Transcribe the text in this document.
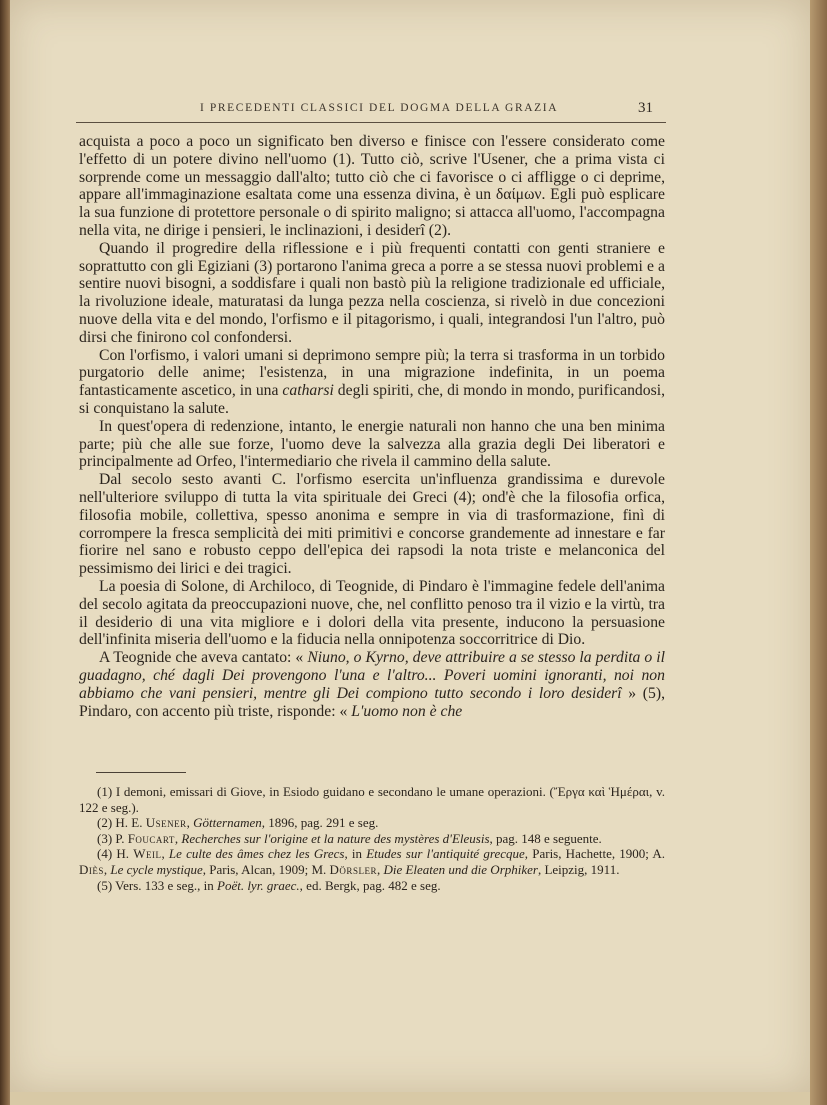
I PRECEDENTI CLASSICI DEL DOGMA DELLA GRAZIA	31

acquista a poco a poco un significato ben diverso e finisce con l'essere considerato come l'effetto di un potere divino nell'uomo (1). Tutto ciò, scrive l'Usener, che a prima vista ci sorprende come un messaggio dall'alto; tutto ciò che ci favorisce o ci affligge o ci deprime, appare all'immaginazione esaltata come una essenza divina, è un δαίμων. Egli può esplicare la sua funzione di protettore personale o di spirito maligno; si attacca all'uomo, l'accompagna nella vita, ne dirige i pensieri, le inclinazioni, i desiderî (2).

Quando il progredire della riflessione e i più frequenti contatti con genti straniere e soprattutto con gli Egiziani (3) portarono l'anima greca a porre a se stessa nuovi problemi e a sentire nuovi bisogni, a soddisfare i quali non bastò più la religione tradizionale ed ufficiale, la rivoluzione ideale, maturatasi da lunga pezza nella coscienza, si rivelò in due concezioni nuove della vita e del mondo, l'orfismo e il pitagorismo, i quali, integrandosi l'un l'altro, può dirsi che finirono col confondersi.

Con l'orfismo, i valori umani si deprimono sempre più; la terra si trasforma in un torbido purgatorio delle anime; l'esistenza, in una migrazione indefinita, in un poema fantasticamente ascetico, in una catharsi degli spiriti, che, di mondo in mondo, purificandosi, si conquistano la salute.

In quest'opera di redenzione, intanto, le energie naturali non hanno che una ben minima parte; più che alle sue forze, l'uomo deve la salvezza alla grazia degli Dei liberatori e principalmente ad Orfeo, l'intermediario che rivela il cammino della salute.

Dal secolo sesto avanti C. l'orfismo esercita un'influenza grandissima e durevole nell'ulteriore sviluppo di tutta la vita spirituale dei Greci (4); ond'è che la filosofia orfica, filosofia mobile, collettiva, spesso anonima e sempre in via di trasformazione, finì di corrompere la fresca semplicità dei miti primitivi e concorse grandemente ad innestare e far fiorire nel sano e robusto ceppo dell'epica dei rapsodi la nota triste e melanconica del pessimismo dei lirici e dei tragici.

La poesia di Solone, di Archiloco, di Teognide, di Pindaro è l'immagine fedele dell'anima del secolo agitata da preoccupazioni nuove, che, nel conflitto penoso tra il vizio e la virtù, tra il desiderio di una vita migliore e i dolori della vita presente, inducono la persuasione dell'infinita miseria dell'uomo e la fiducia nella onnipotenza soccorritrice di Dio.

A Teognide che aveva cantato: « Niuno, o Kyrno, deve attribuire a se stesso la perdita o il guadagno, ché dagli Dei provengono l'una e l'altro... Poveri uomini ignoranti, noi non abbiamo che vani pensieri, mentre gli Dei compiono tutto secondo i loro desiderî » (5), Pindaro, con accento più triste, risponde: « L'uomo non è che

(1) I demoni, emissari di Giove, in Esiodo guidano e secondano le umane operazioni. (Ἔργα καὶ Ἡμέραι, v. 122 e seg.).

(2) H. E. Usener, Götternamen, 1896, pag. 291 e seg.

(3) P. Foucart, Recherches sur l'origine et la nature des mystères d'Eleusis, pag. 148 e seguente.

(4) H. Weil, Le culte des âmes chez les Grecs, in Etudes sur l'antiquité grecque, Paris, Hachette, 1900; A. Diès, Le cycle mystique, Paris, Alcan, 1909; M. Dörsler, Die Eleaten und die Orphiker, Leipzig, 1911.

(5) Vers. 133 e seg., in Poët. lyr. graec., ed. Bergk, pag. 482 e seg.
